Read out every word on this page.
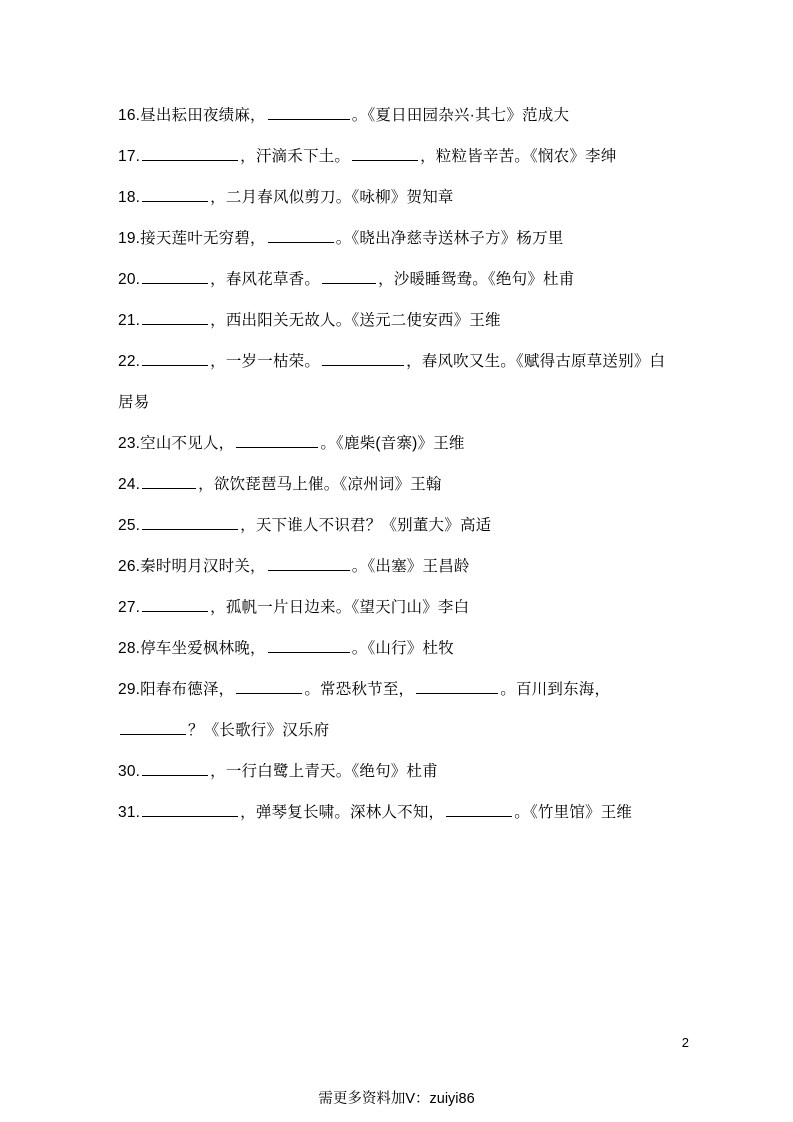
16.昼出耘田夜绩麻，	。《夏日田园杂兴·其七》范成大
17.	，汗滴禾下土。	，粒粒皆辛苦。《悯农》李绅
18.	，二月春风似剪刀。《咏柳》贺知章
19.接天莲叶无穷碧，	。《晓出净慈寺送林子方》杨万里
20.	，春风花草香。	，沙暖睡鸳鸯。《绝句》杜甫
21.	，西出阳关无故人。《送元二使安西》王维
22.	，一岁一枯荣。	，春风吹又生。《赋得古原草送别》白居易
23.空山不见人，	。《鹿柴(音寨)》王维
24.	，欲饮琵琶马上催。《凉州词》王翰
25.	，天下谁人不识君？《别董大》高适
26.秦时明月汉时关，	。《出塞》王昌龄
27.	，孤帆一片日边来。《望天门山》李白
28.停车坐爱枫林晚，	。《山行》杜牧
29.阳春布德泽，	。常恐秋节至，	。百川到东海，？《长歌行》汉乐府
30.	，一行白鹭上青天。《绝句》杜甫
31.	，弹琴复长啸。深林人不知，	。《竹里馆》王维
2
需更多资料加V：zuiyi86
